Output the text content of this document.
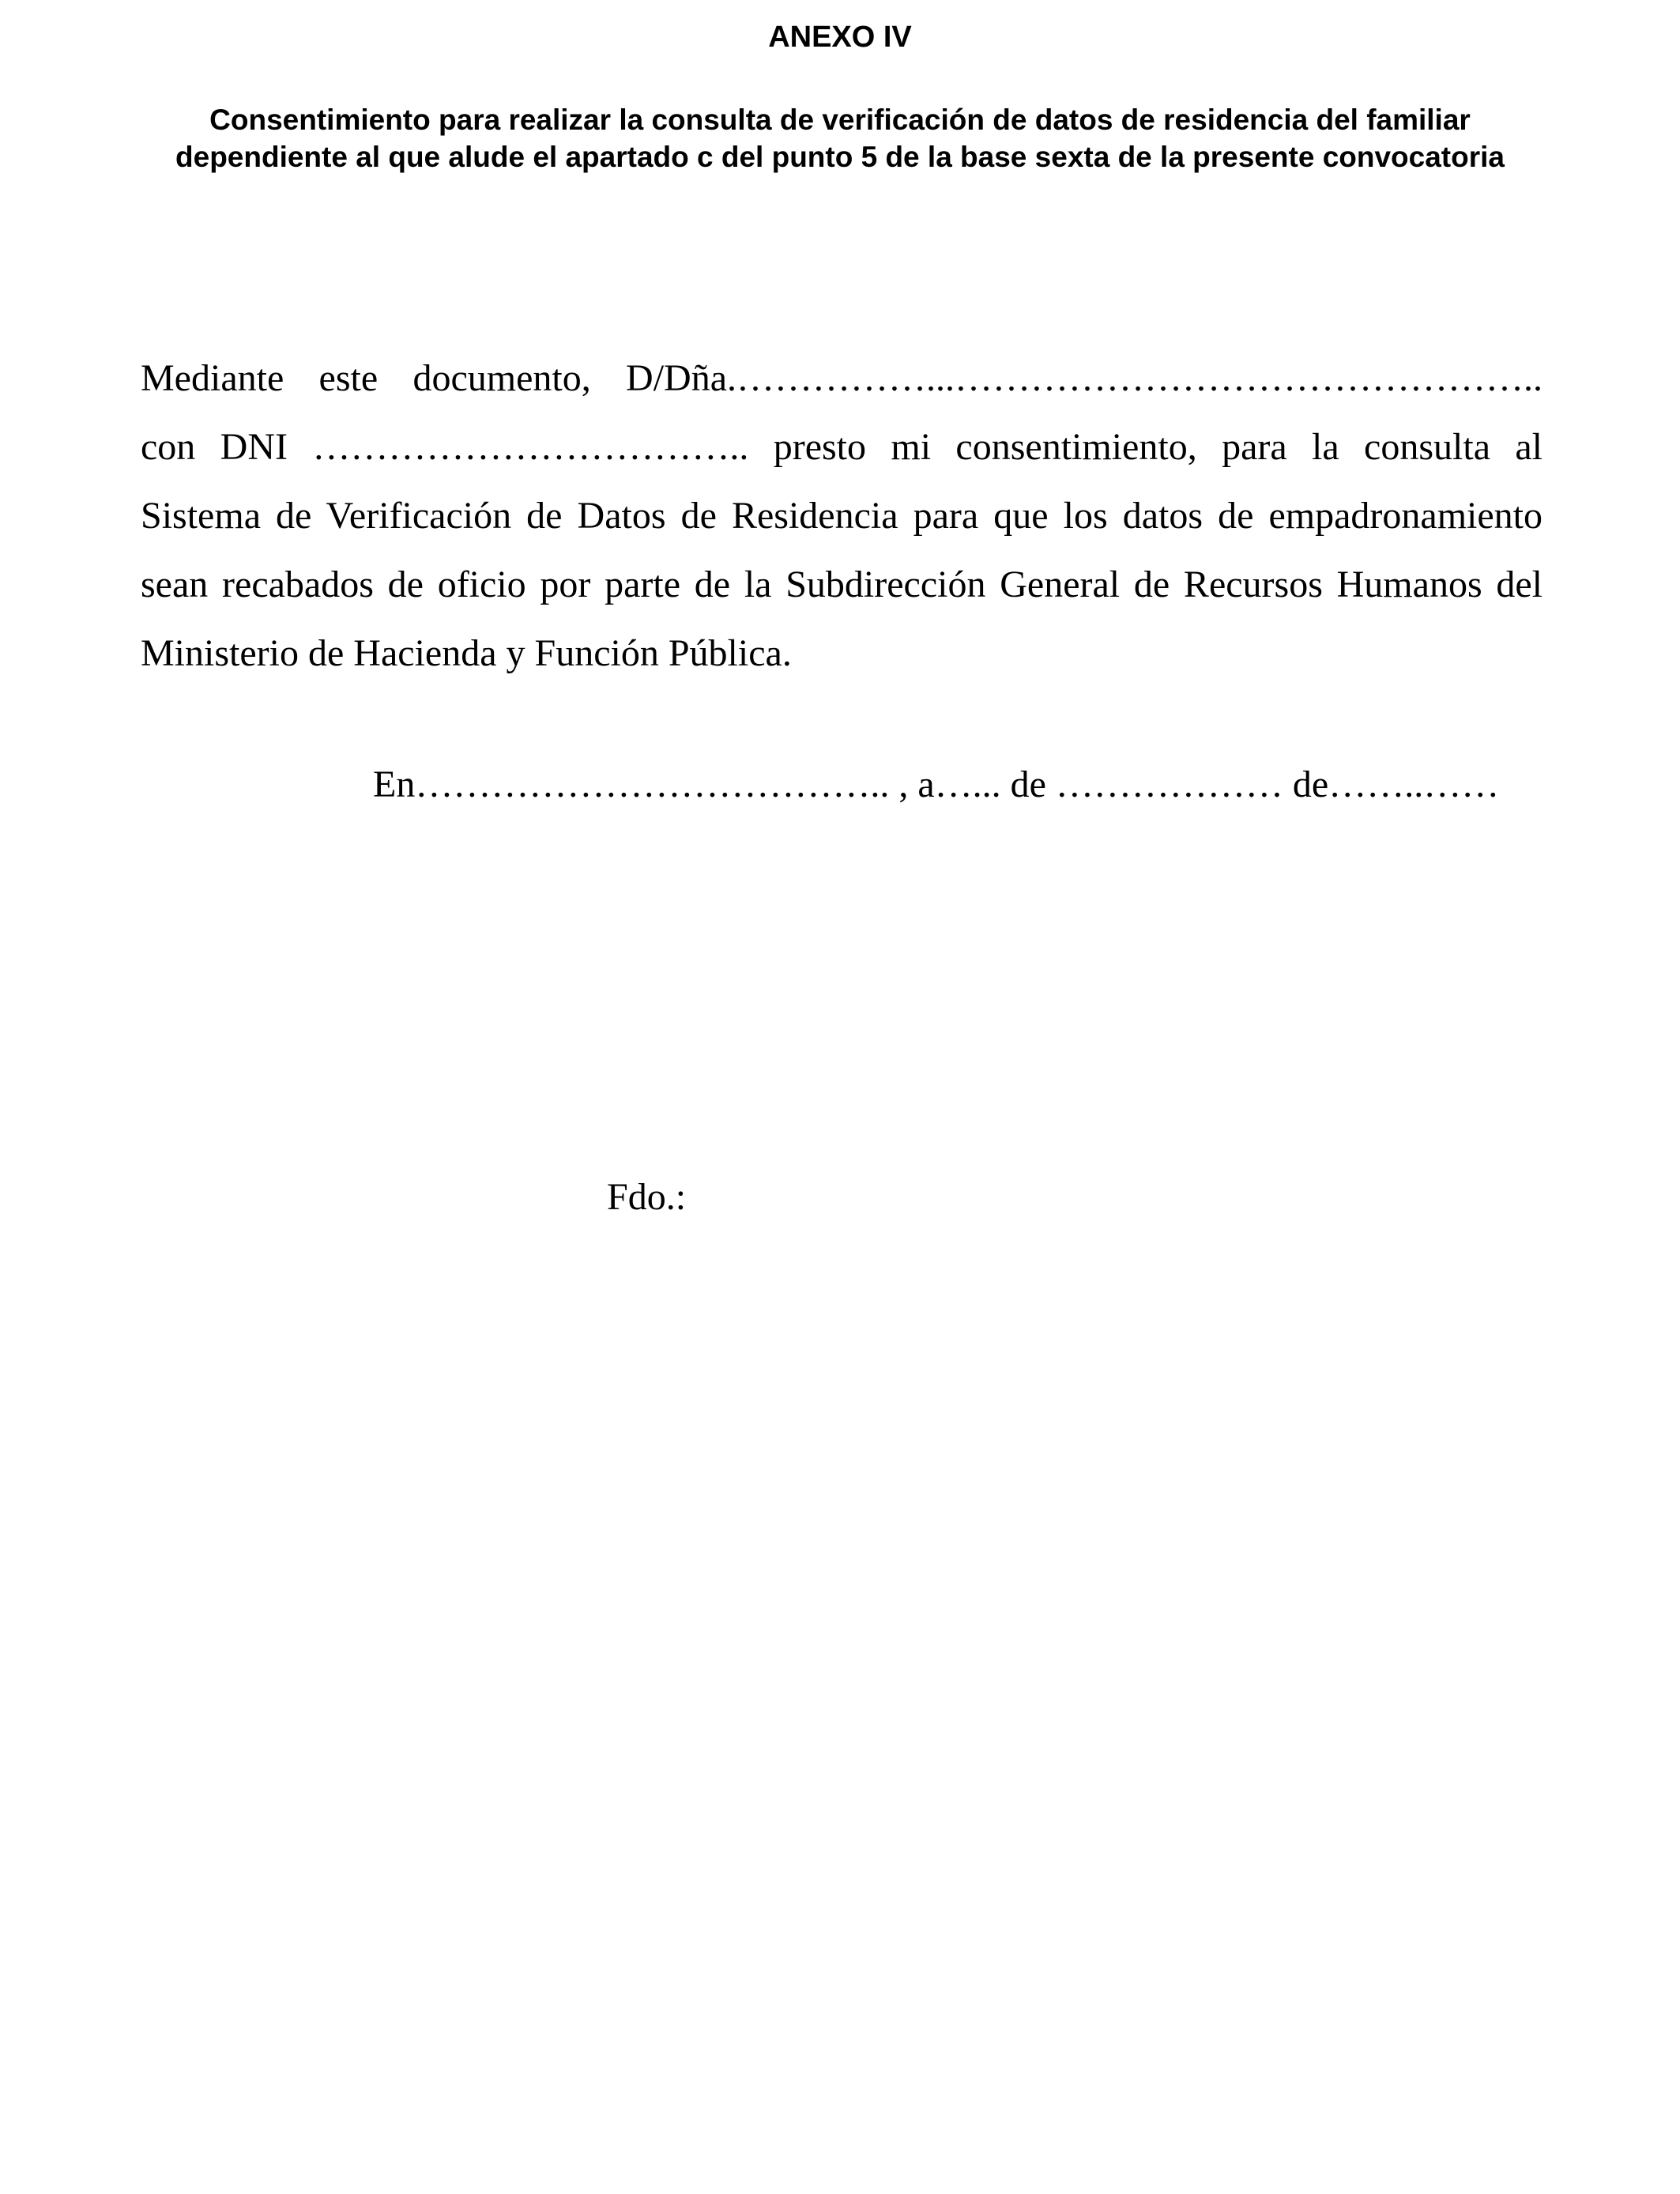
ANEXO IV
Consentimiento para realizar la consulta de verificación de datos de residencia del familiar dependiente al que alude el apartado c del punto 5 de la base sexta de la presente convocatoria
Mediante este documento, D/Dña.……………...………………………………………..
con DNI …………………………….. presto mi consentimiento, para la consulta al
Sistema de Verificación de Datos de Residencia para que los datos de empadronamiento
sean recabados de oficio por parte de la Subdirección General de Recursos Humanos del
Ministerio de Hacienda y Función Pública.

En……………………………….. , a…... de ……………… de……..……

Fdo.:
